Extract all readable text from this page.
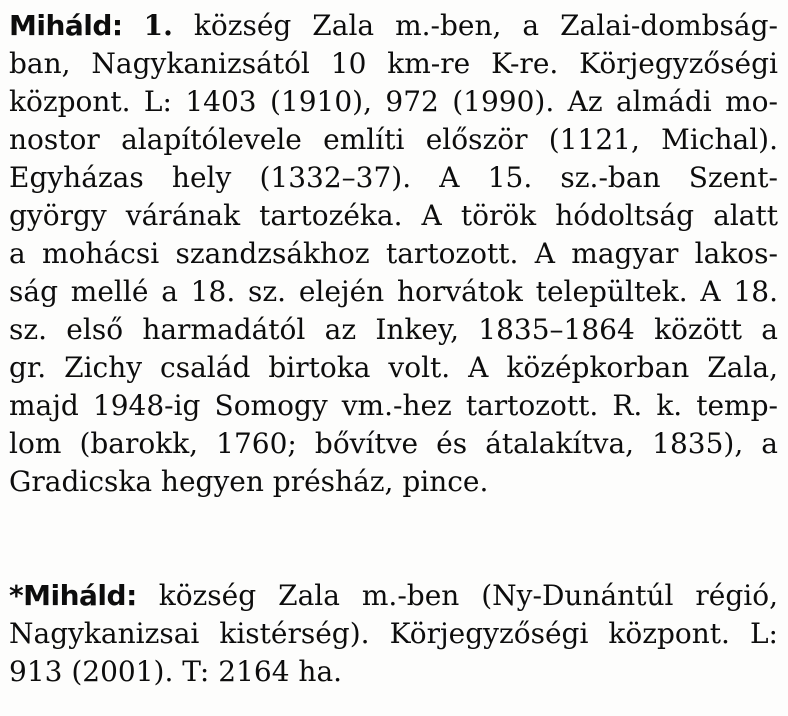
Miháld: 1. község Zala m.-ben, a Zalai-dombság-
ban, Nagykanizsától 10 km-re K-re. Körjegyzőségi
központ. L: 1403 (1910), 972 (1990). Az almádi mo-
nostor alapítólevele említi először (1121, Michal).
Egyházas hely (1332–37). A 15. sz.-ban Szent-
györgy várának tartozéka. A török hódoltság alatt
a mohácsi szandzsákhoz tartozott. A magyar lakos-
ság mellé a 18. sz. elején horvátok települtek. A 18.
sz. első harmadától az Inkey, 1835–1864 között a
gr. Zichy család birtoka volt. A középkorban Zala,
majd 1948-ig Somogy vm.-hez tartozott. R. k. temp-
lom (barokk, 1760; bővítve és átalakítva, 1835), a
Gradicska hegyen présház, pince.
*Miháld: község Zala m.-ben (Ny-Dunántúl régió,
Nagykanizsai kistérség). Körjegyzőségi központ. L:
913 (2001). T: 2164 ha.
